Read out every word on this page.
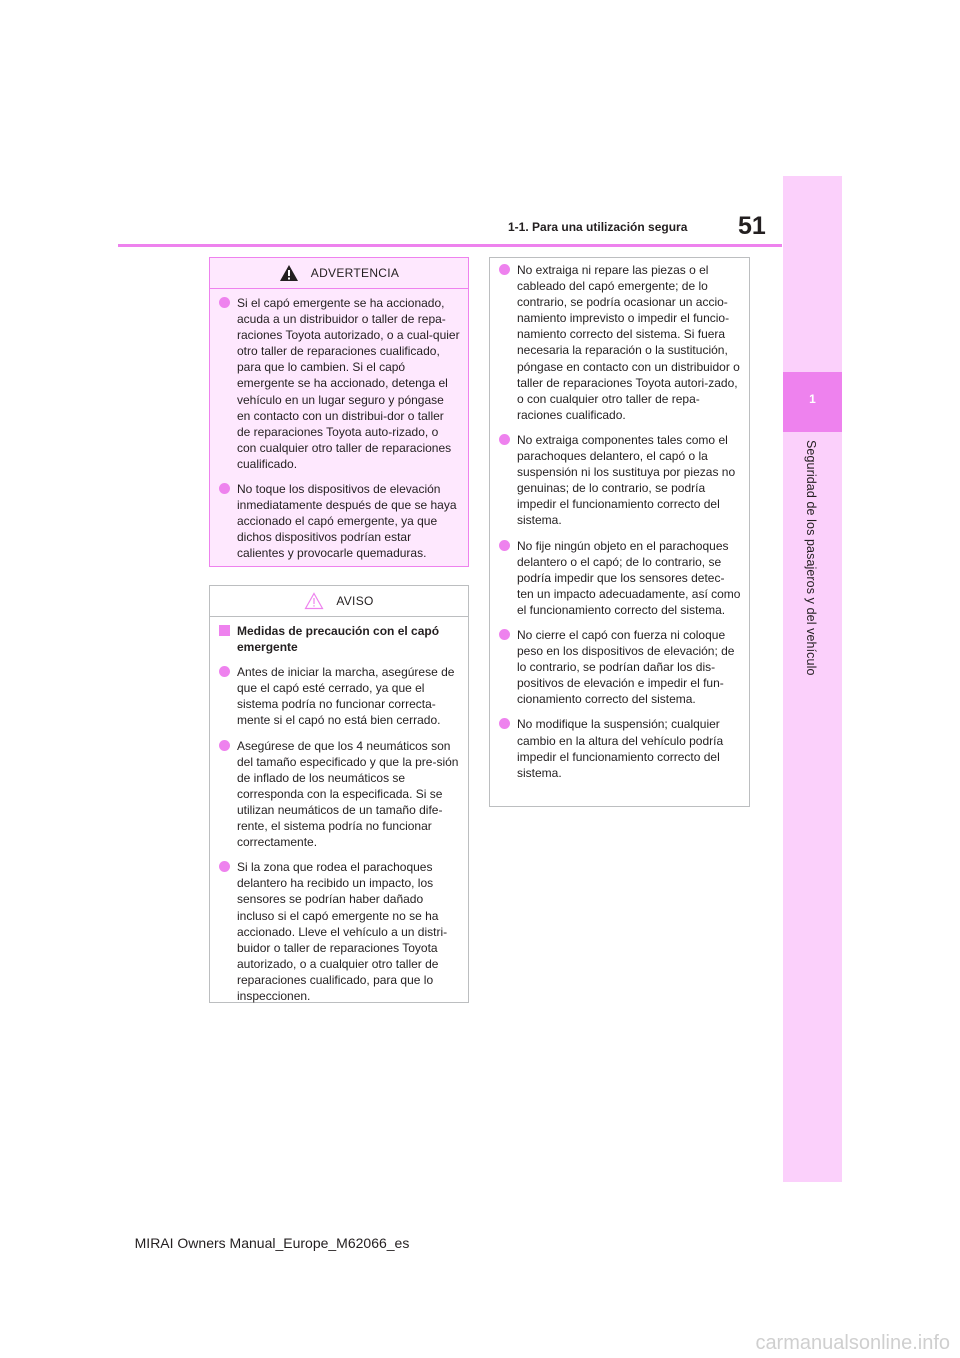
51
1-1. Para una utilización segura
1
Seguridad de los pasajeros y del vehículo
ADVERTENCIA
Si el capó emergente se ha accionado, acuda a un distribuidor o taller de repa-raciones Toyota autorizado, o a cual-quier otro taller de reparaciones cualificado, para que lo cambien. Si el capó emergente se ha accionado, detenga el vehículo en un lugar seguro y póngase en contacto con un distribui-dor o taller de reparaciones Toyota auto-rizado, o con cualquier otro taller de reparaciones cualificado.
No toque los dispositivos de elevación inmediatamente después de que se haya accionado el capó emergente, ya que dichos dispositivos podrían estar calientes y provocarle quemaduras.
AVISO
Medidas de precaución con el capó emergente
Antes de iniciar la marcha, asegúrese de que el capó esté cerrado, ya que el sistema podría no funcionar correcta-mente si el capó no está bien cerrado.
Asegúrese de que los 4 neumáticos son del tamaño especificado y que la pre-sión de inflado de los neumáticos se corresponda con la especificada. Si se utilizan neumáticos de un tamaño dife-rente, el sistema podría no funcionar correctamente.
Si la zona que rodea el parachoques delantero ha recibido un impacto, los sensores se podrían haber dañado incluso si el capó emergente no se ha accionado. Lleve el vehículo a un distri-buidor o taller de reparaciones Toyota autorizado, o a cualquier otro taller de reparaciones cualificado, para que lo inspeccionen.
No extraiga ni repare las piezas o el cableado del capó emergente; de lo contrario, se podría ocasionar un accio-namiento imprevisto o impedir el funcio-namiento correcto del sistema. Si fuera necesaria la reparación o la sustitución, póngase en contacto con un distribuidor o taller de reparaciones Toyota autori-zado, o con cualquier otro taller de repa-raciones cualificado.
No extraiga componentes tales como el parachoques delantero, el capó o la suspensión ni los sustituya por piezas no genuinas; de lo contrario, se podría impedir el funcionamiento correcto del sistema.
No fije ningún objeto en el parachoques delantero o el capó; de lo contrario, se podría impedir que los sensores detec-ten un impacto adecuadamente, así como el funcionamiento correcto del sistema.
No cierre el capó con fuerza ni coloque peso en los dispositivos de elevación; de lo contrario, se podrían dañar los dis-positivos de elevación e impedir el fun-cionamiento correcto del sistema.
No modifique la suspensión; cualquier cambio en la altura del vehículo podría impedir el funcionamiento correcto del sistema.
MIRAI Owners Manual_Europe_M62066_es
carmanualsonline.info
